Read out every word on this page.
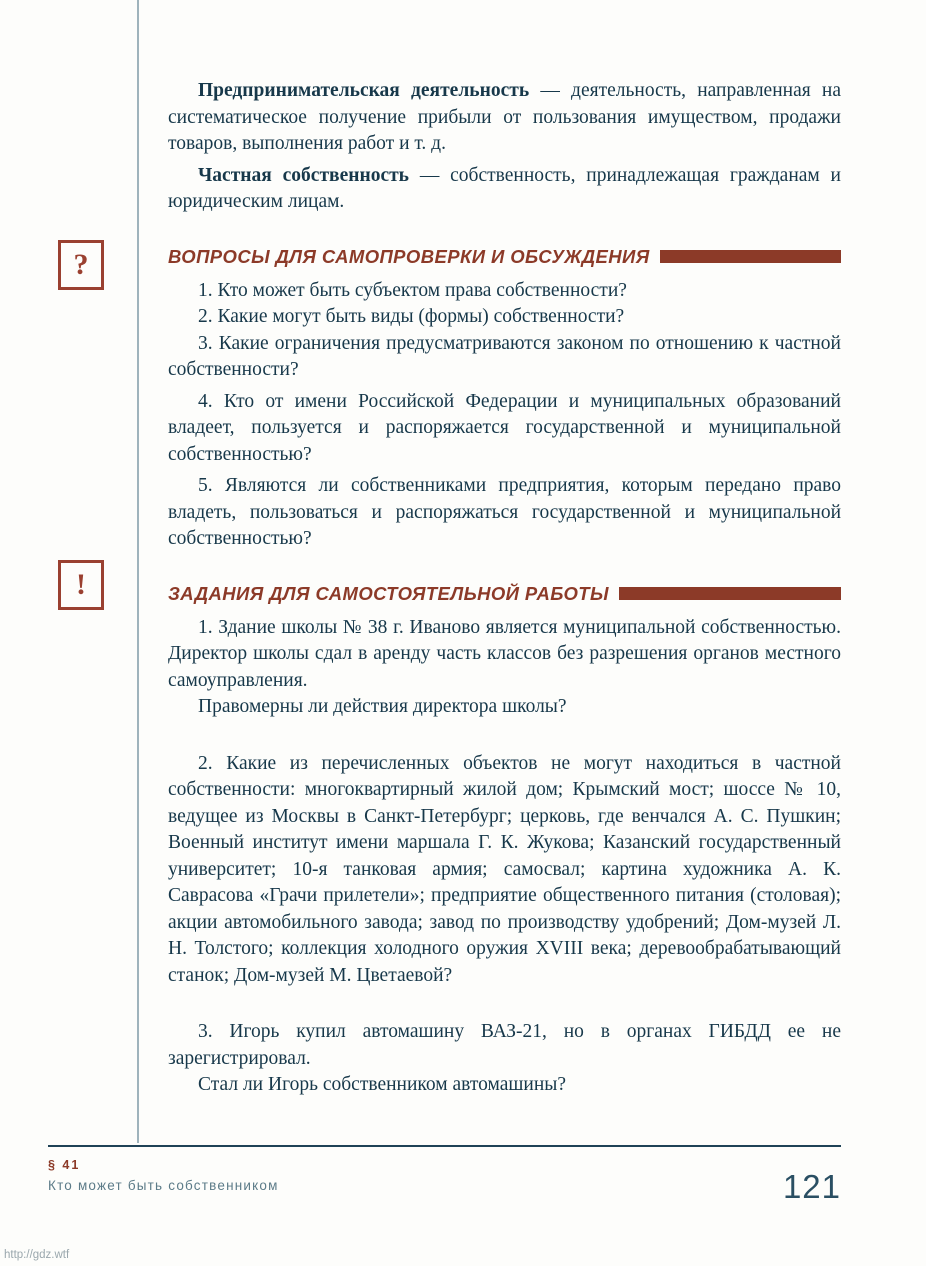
?
!

Предпринимательская деятельность — деятельность, направленная на систематическое получение прибыли от пользования имуществом, продажи товаров, выполнения работ и т. д.

Частная собственность — собственность, принадлежащая гражданам и юридическим лицам.

ВОПРОСЫ ДЛЯ САМОПРОВЕРКИ И ОБСУЖДЕНИЯ

1. Кто может быть субъектом права собственности?

2. Какие могут быть виды (формы) собственности?

3. Какие ограничения предусматриваются законом по отношению к частной собственности?

4. Кто от имени Российской Федерации и муниципальных образований владеет, пользуется и распоряжается государственной и муниципальной собственностью?

5. Являются ли собственниками предприятия, которым передано право владеть, пользоваться и распоряжаться государственной и муниципальной собственностью?

ЗАДАНИЯ ДЛЯ САМОСТОЯТЕЛЬНОЙ РАБОТЫ

1. Здание школы № 38 г. Иваново является муниципальной собственностью. Директор школы сдал в аренду часть классов без разрешения органов местного самоуправления.

Правомерны ли действия директора школы?

2. Какие из перечисленных объектов не могут находиться в частной собственности: многоквартирный жилой дом; Крымский мост; шоссе № 10, ведущее из Москвы в Санкт-Петербург; церковь, где венчался А. С. Пушкин; Военный институт имени маршала Г. К. Жукова; Казанский государственный университет; 10-я танковая армия; самосвал; картина художника А. К. Саврасова «Грачи прилетели»; предприятие общественного питания (столовая); акции автомобильного завода; завод по производству удобрений; Дом-музей Л. Н. Толстого; коллекция холодного оружия XVIII века; деревообрабатывающий станок; Дом-музей М. Цветаевой?

3. Игорь купил автомашину ВАЗ-21, но в органах ГИБДД ее не зарегистрировал.

Стал ли Игорь собственником автомашины?

§ 41
Кто может быть собственником	121
http://gdz.wtf
